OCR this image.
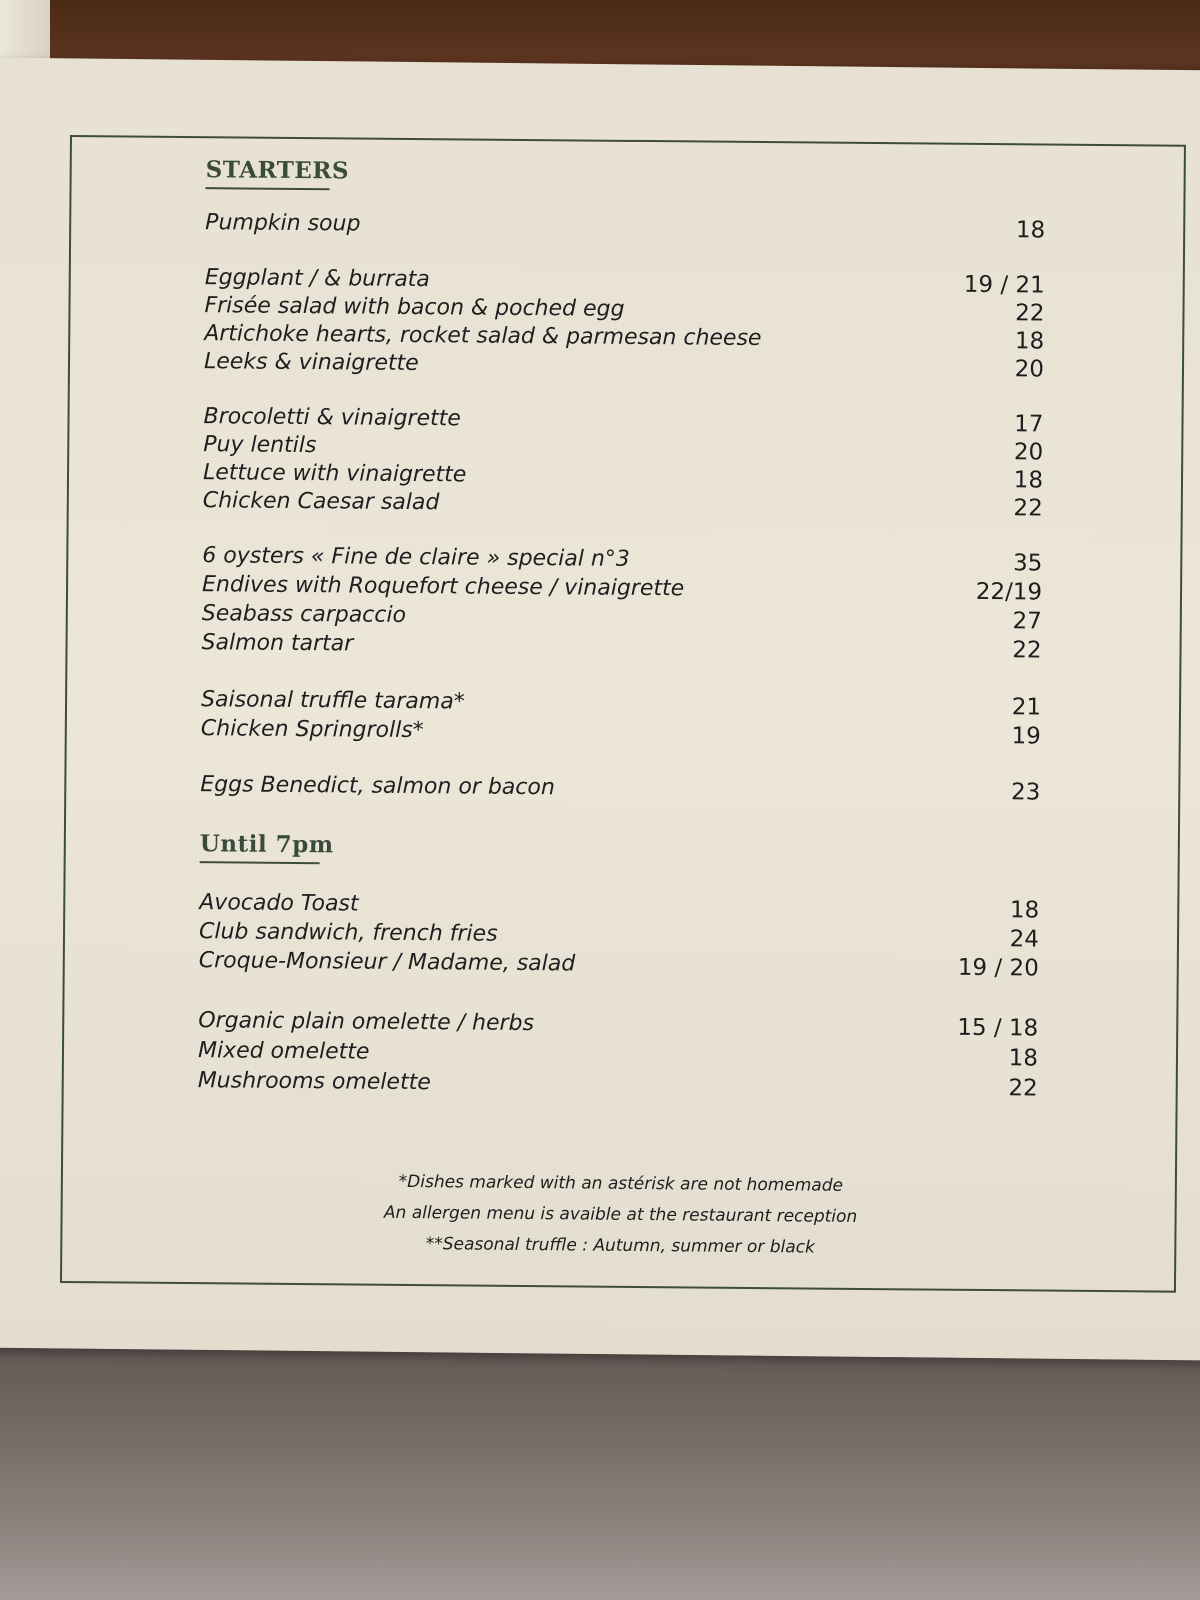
STARTERS
Pumpkin soup	18
Eggplant / & burrata	19 / 21
Frisée salad with bacon & poched egg	22
Artichoke hearts, rocket salad & parmesan cheese	18
Leeks & vinaigrette	20
Brocoletti & vinaigrette	17
Puy lentils	20
Lettuce with vinaigrette	18
Chicken Caesar salad	22
6 oysters « Fine de claire » special n°3	35
Endives with Roquefort cheese / vinaigrette	22/19
Seabass carpaccio	27
Salmon tartar	22
Saisonal truffle tarama*	21
Chicken Springrolls*	19
Eggs Benedict, salmon or bacon	23
Until 7pm
Avocado Toast	18
Club sandwich, french fries	24
Croque-Monsieur / Madame, salad	19 / 20
Organic plain omelette / herbs	15 / 18
Mixed omelette	18
Mushrooms omelette	22
*Dishes marked with an astérisk are not homemade
An allergen menu is avaible at the restaurant reception
**Seasonal truffle : Autumn, summer or black
